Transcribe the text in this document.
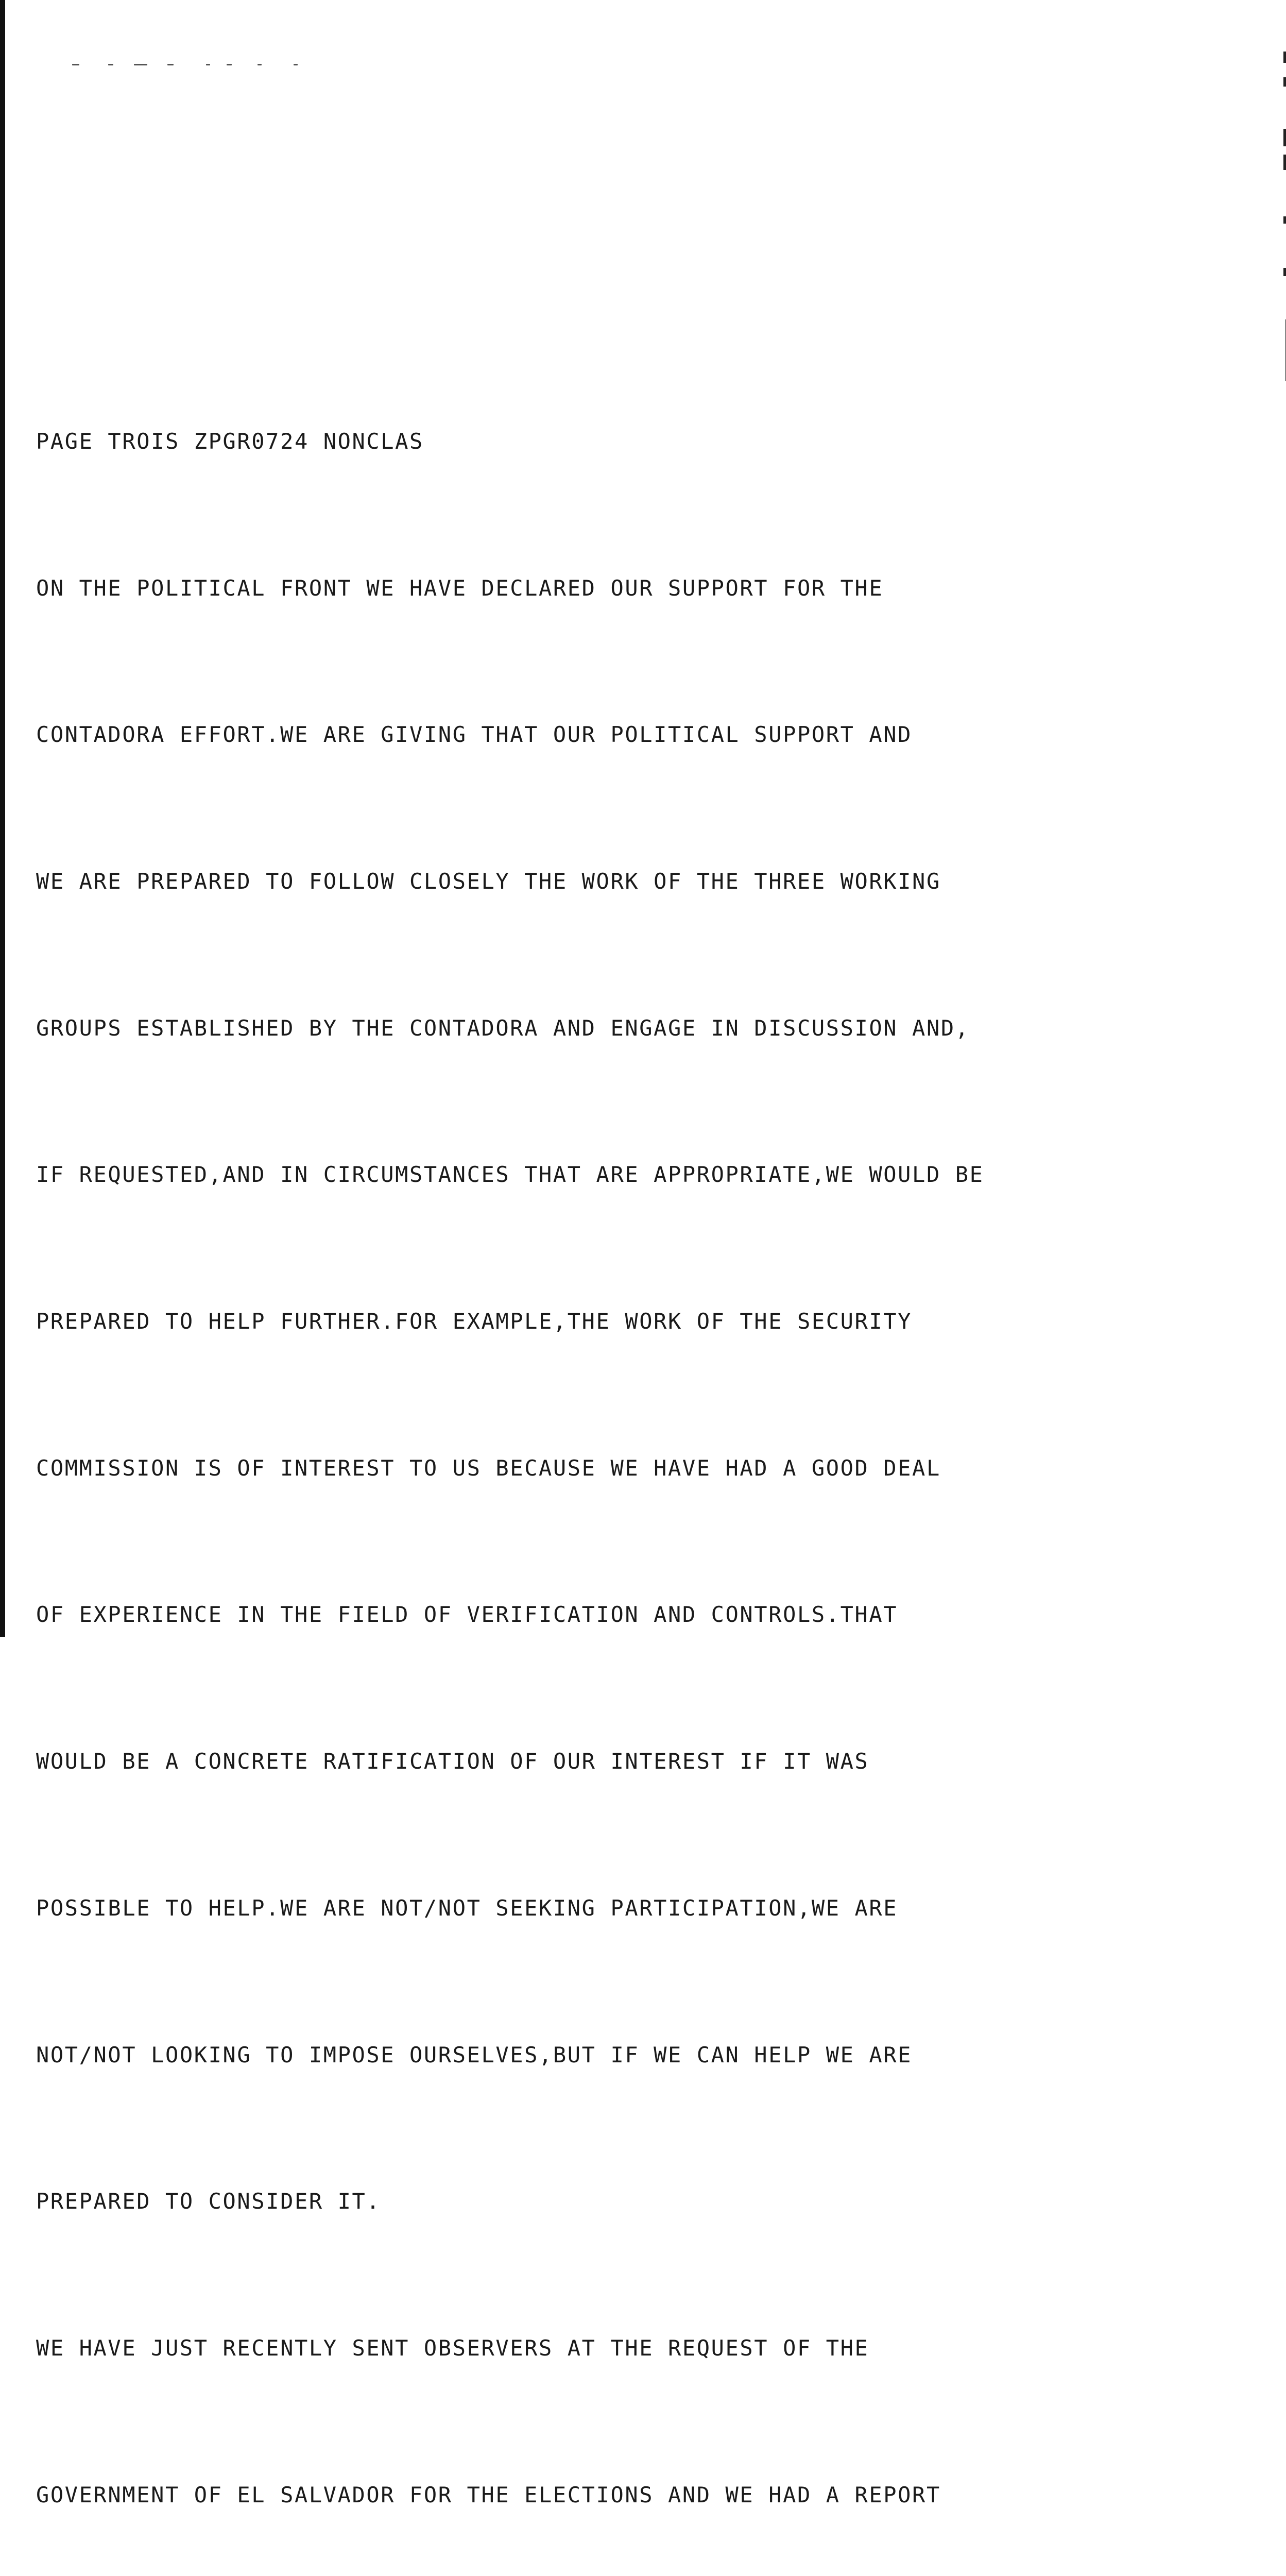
PAGE TROIS ZPGR0724 NONCLAS

ON THE POLITICAL FRONT WE HAVE DECLARED OUR SUPPORT FOR THE

CONTADORA EFFORT.WE ARE GIVING THAT OUR POLITICAL SUPPORT AND

WE ARE PREPARED TO FOLLOW CLOSELY THE WORK OF THE THREE WORKING

GROUPS ESTABLISHED BY THE CONTADORA AND ENGAGE IN DISCUSSION AND,

IF REQUESTED,AND IN CIRCUMSTANCES THAT ARE APPROPRIATE,WE WOULD BE

PREPARED TO HELP FURTHER.FOR EXAMPLE,THE WORK OF THE SECURITY

COMMISSION IS OF INTEREST TO US BECAUSE WE HAVE HAD A GOOD DEAL

OF EXPERIENCE IN THE FIELD OF VERIFICATION AND CONTROLS.THAT

WOULD BE A CONCRETE RATIFICATION OF OUR INTEREST IF IT WAS

POSSIBLE TO HELP.WE ARE NOT/NOT SEEKING PARTICIPATION,WE ARE

NOT/NOT LOOKING TO IMPOSE OURSELVES,BUT IF WE CAN HELP WE ARE

PREPARED TO CONSIDER IT.

WE HAVE JUST RECENTLY SENT OBSERVERS AT THE REQUEST OF THE

GOVERNMENT OF EL SALVADOR FOR THE ELECTIONS AND WE HAD A REPORT
